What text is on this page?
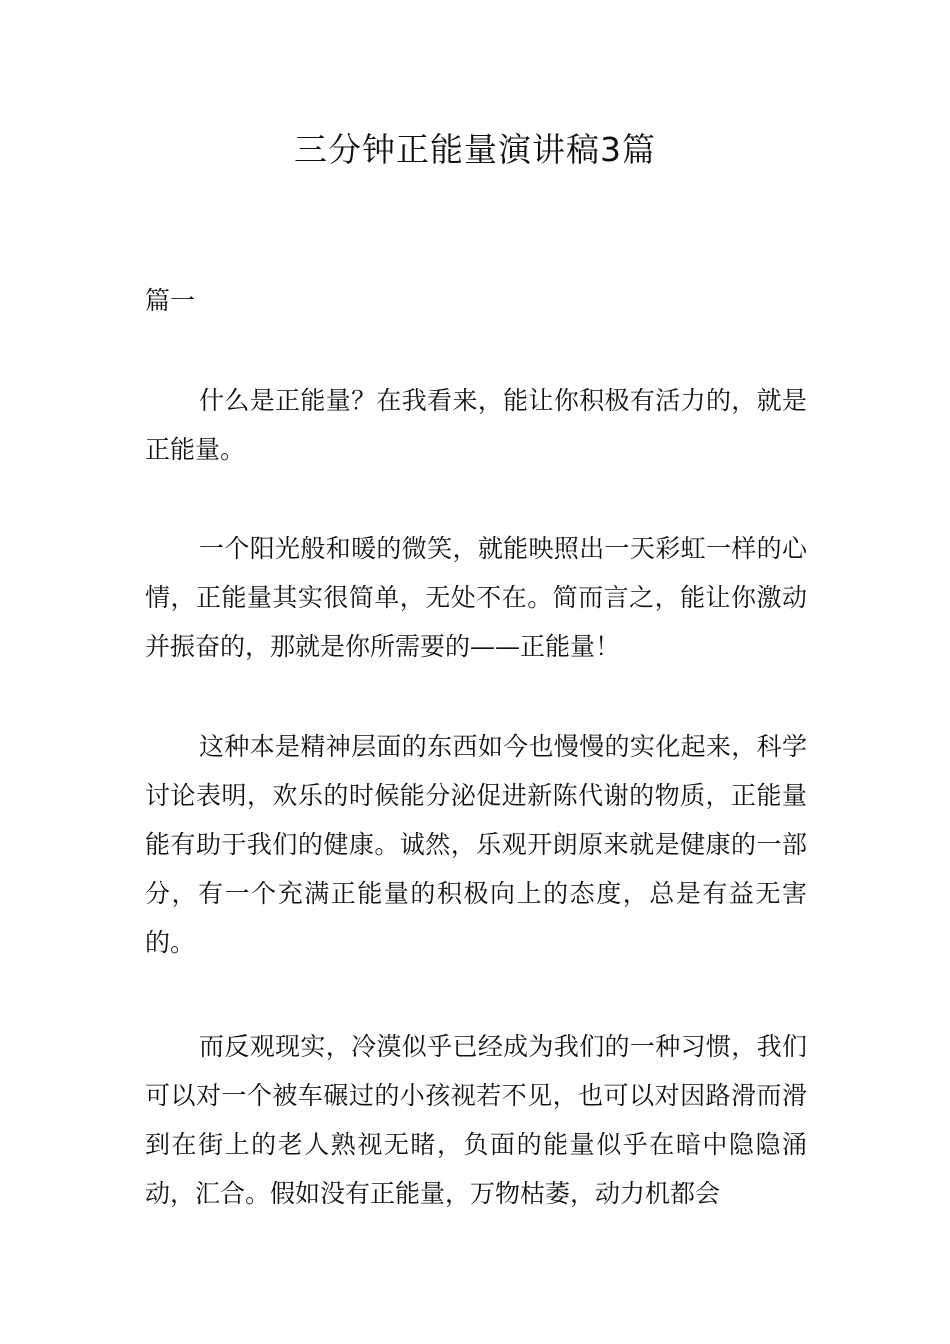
三分钟正能量演讲稿3篇
篇一

什么是正能量？在我看来，能让你积极有活力的，就是正能量。

一个阳光般和暖的微笑，就能映照出一天彩虹一样的心情，正能量其实很简单，无处不在。简而言之，能让你激动并振奋的，那就是你所需要的——正能量！

这种本是精神层面的东西如今也慢慢的实化起来，科学讨论表明，欢乐的时候能分泌促进新陈代谢的物质，正能量能有助于我们的健康。诚然，乐观开朗原来就是健康的一部分，有一个充满正能量的积极向上的态度，总是有益无害的。

而反观现实，冷漠似乎已经成为我们的一种习惯，我们可以对一个被车碾过的小孩视若不见，也可以对因路滑而滑到在街上的老人熟视无睹，负面的能量似乎在暗中隐隐涌动，汇合。假如没有正能量，万物枯萎，动力机都会
